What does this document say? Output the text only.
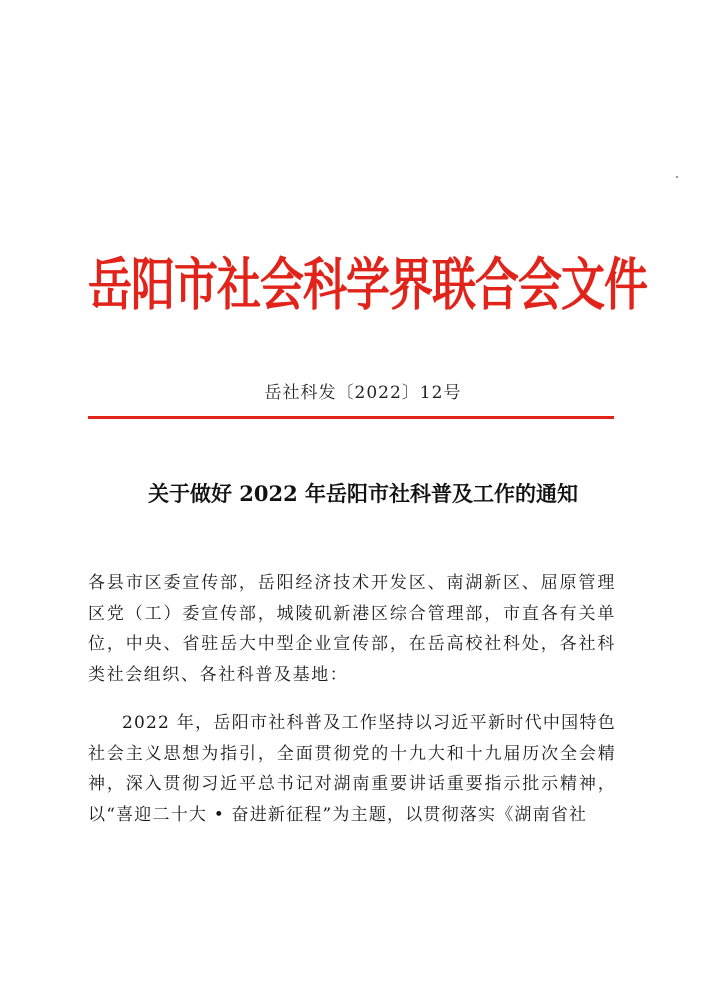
岳阳市社会科学界联合会文件
岳社科发〔2022〕12号
关于做好 2022 年岳阳市社科普及工作的通知

各县市区委宣传部，岳阳经济技术开发区、南湖新区、屈原管理区党（工）委宣传部，城陵矶新港区综合管理部，市直各有关单位，中央、省驻岳大中型企业宣传部，在岳高校社科处，各社科类社会组织、各社科普及基地：

2022 年，岳阳市社科普及工作坚持以习近平新时代中国特色社会主义思想为指引，全面贯彻党的十九大和十九届历次全会精神，深入贯彻习近平总书记对湖南重要讲话重要指示批示精神，以“喜迎二十大 • 奋进新征程”为主题，以贯彻落实《湖南省社
